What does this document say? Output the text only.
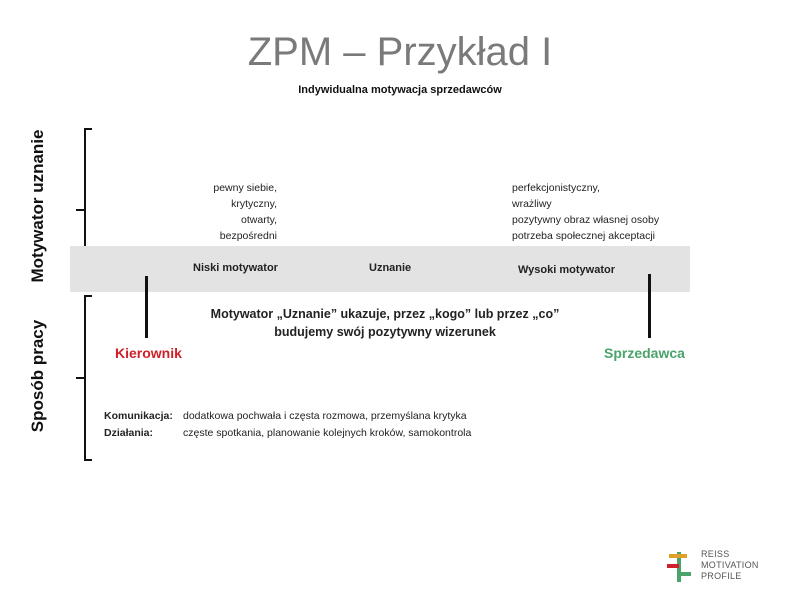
ZPM – Przykład I
Indywidualna motywacja sprzedawców
Motywator uznanie
Sposób pracy
pewny siebie,
krytyczny,
otwarty,
bezpośredni
perfekcjonistyczny,
wrażliwy
pozytywny obraz własnej osoby
potrzeba społecznej akceptacji
Niski motywator	Uznanie	Wysoki motywator
Motywator „Uznanie” ukazuje, przez „kogo” lub przez „co”
budujemy swój pozytywny wizerunek
Kierownik	Sprzedawca
Komunikacja: dodatkowa pochwała i częsta rozmowa, przemyślana krytyka
Działania:	częste spotkania, planowanie kolejnych kroków, samokontrola
REISS
MOTIVATION
PROFILE
